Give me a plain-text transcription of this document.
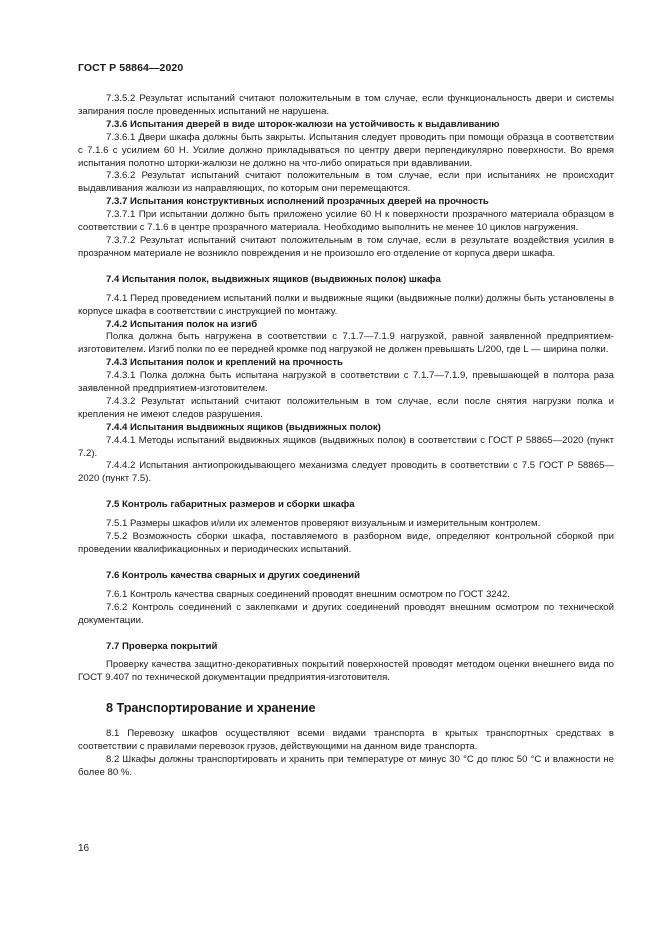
ГОСТ Р 58864—2020

7.3.5.2 Результат испытаний считают положительным в том случае, если функциональность двери и системы запирания после проведенных испытаний не нарушена.

7.3.6 Испытания дверей в виде шторок-жалюзи на устойчивость к выдавливанию

7.3.6.1 Двери шкафа должны быть закрыты. Испытания следует проводить при помощи образца в соответствии с 7.1.6 с усилием 60 Н. Усилие должно прикладываться по центру двери перпендикулярно поверхности. Во время испытания полотно шторки-жалюзи не должно на что-либо опираться при вдавливании.

7.3.6.2 Результат испытаний считают положительным в том случае, если при испытаниях не происходит выдавливания жалюзи из направляющих, по которым они перемещаются.

7.3.7 Испытания конструктивных исполнений прозрачных дверей на прочность

7.3.7.1 При испытании должно быть приложено усилие 60 Н к поверхности прозрачного материала образцом в соответствии с 7.1.6 в центре прозрачного материала. Необходимо выполнить не менее 10 циклов нагружения.

7.3.7.2 Результат испытаний считают положительным в том случае, если в результате воздействия усилия в прозрачном материале не возникло повреждения и не произошло его отделение от корпуса двери шкафа.

7.4 Испытания полок, выдвижных ящиков (выдвижных полок) шкафа

7.4.1 Перед проведением испытаний полки и выдвижные ящики (выдвижные полки) должны быть установлены в корпусе шкафа в соответствии с инструкцией по монтажу.

7.4.2 Испытания полок на изгиб

Полка должна быть нагружена в соответствии с 7.1.7—7.1.9 нагрузкой, равной заявленной предприятием-изготовителем. Изгиб полки по ее передней кромке под нагрузкой не должен превышать L/200, где L — ширина полки.

7.4.3 Испытания полок и креплений на прочность

7.4.3.1 Полка должна быть испытана нагрузкой в соответствии с 7.1.7—7.1.9, превышающей в полтора раза заявленной предприятием-изготовителем.

7.4.3.2 Результат испытаний считают положительным в том случае, если после снятия нагрузки полка и крепления не имеют следов разрушения.

7.4.4 Испытания выдвижных ящиков (выдвижных полок)

7.4.4.1 Методы испытаний выдвижных ящиков (выдвижных полок) в соответствии с ГОСТ Р 58865—2020 (пункт 7.2).

7.4.4.2 Испытания антиопрокидывающего механизма следует проводить в соответствии с 7.5 ГОСТ Р 58865—2020 (пункт 7.5).

7.5 Контроль габаритных размеров и сборки шкафа

7.5.1 Размеры шкафов и/или их элементов проверяют визуальным и измерительным контролем.

7.5.2 Возможность сборки шкафа, поставляемого в разборном виде, определяют контрольной сборкой при проведении квалификационных и периодических испытаний.

7.6 Контроль качества сварных и других соединений

7.6.1 Контроль качества сварных соединений проводят внешним осмотром по ГОСТ 3242.

7.6.2 Контроль соединений с заклепками и других соединений проводят внешним осмотром по технической документации.

7.7 Проверка покрытий

Проверку качества защитно-декоративных покрытий поверхностей проводят методом оценки внешнего вида по ГОСТ 9.407 по технической документации предприятия-изготовителя.

8 Транспортирование и хранение

8.1 Перевозку шкафов осуществляют всеми видами транспорта в крытых транспортных средствах в соответствии с правилами перевозок грузов, действующими на данном виде транспорта.

8.2 Шкафы должны транспортировать и хранить при температуре от минус 30 °С до плюс 50 °С и влажности не более 80 %.

16
